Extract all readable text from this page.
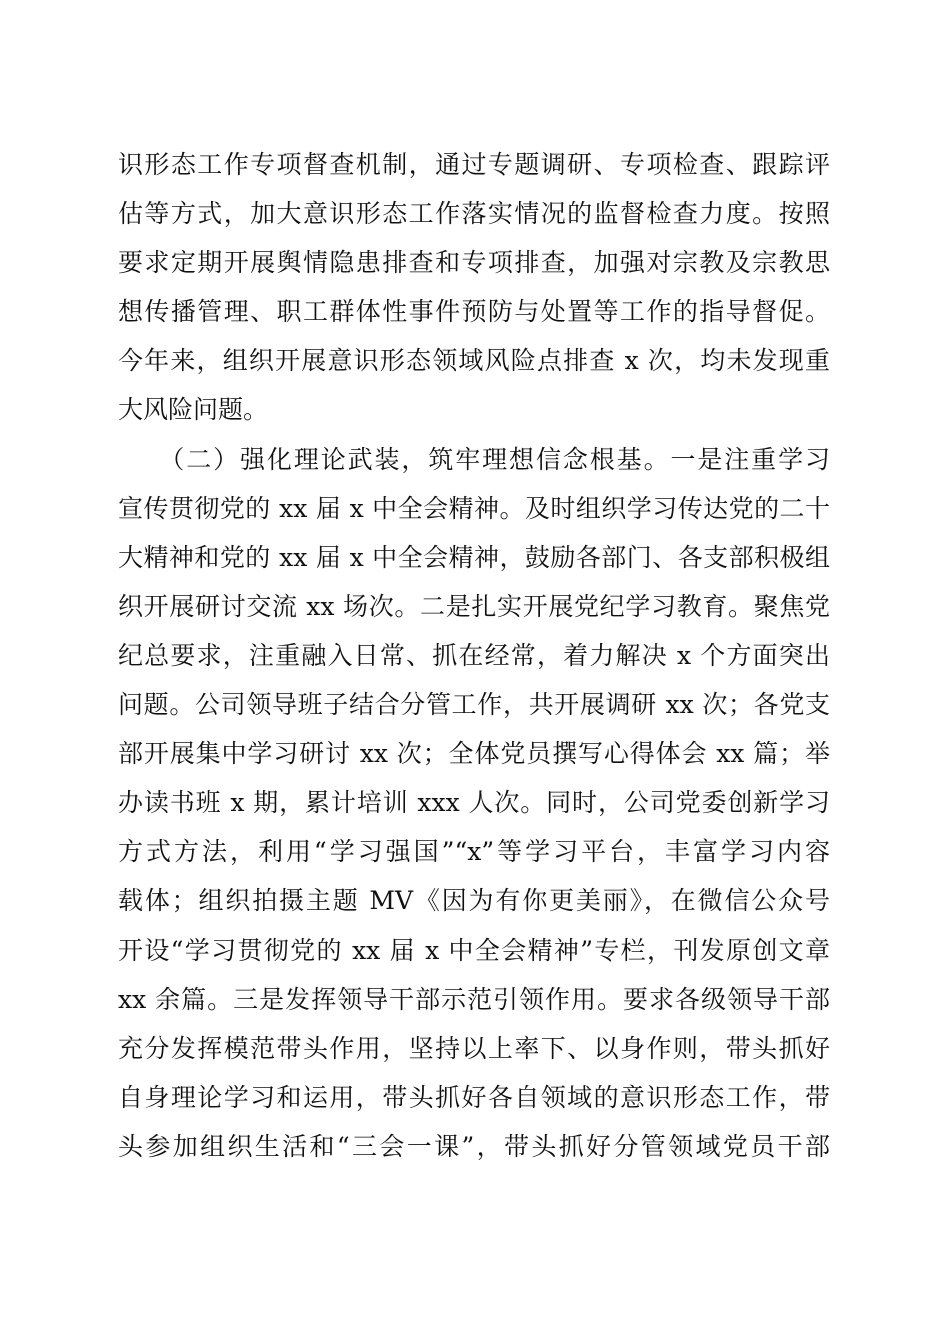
识形态工作专项督查机制，通过专题调研、专项检查、跟踪评
估等方式，加大意识形态工作落实情况的监督检查力度。按照
要求定期开展舆情隐患排查和专项排查，加强对宗教及宗教思
想传播管理、职工群体性事件预防与处置等工作的指导督促。
今年来，组织开展意识形态领域风险点排查 x 次，均未发现重
大风险问题。
　　（二）强化理论武装，筑牢理想信念根基。一是注重学习
宣传贯彻党的 xx 届 x 中全会精神。及时组织学习传达党的二十
大精神和党的 xx 届 x 中全会精神，鼓励各部门、各支部积极组
织开展研讨交流 xx 场次。二是扎实开展党纪学习教育。聚焦党
纪总要求，注重融入日常、抓在经常，着力解决 x 个方面突出
问题。公司领导班子结合分管工作，共开展调研 xx 次；各党支
部开展集中学习研讨 xx 次；全体党员撰写心得体会 xx 篇；举
办读书班 x 期，累计培训 xxx 人次。同时，公司党委创新学习
方式方法，利用“学习强国”“x”等学习平台，丰富学习内容
载体；组织拍摄主题 MV《因为有你更美丽》，在微信公众号
开设“学习贯彻党的 xx 届 x 中全会精神”专栏，刊发原创文章
xx 余篇。三是发挥领导干部示范引领作用。要求各级领导干部
充分发挥模范带头作用，坚持以上率下、以身作则，带头抓好
自身理论学习和运用，带头抓好各自领域的意识形态工作，带
头参加组织生活和“三会一课”，带头抓好分管领域党员干部
